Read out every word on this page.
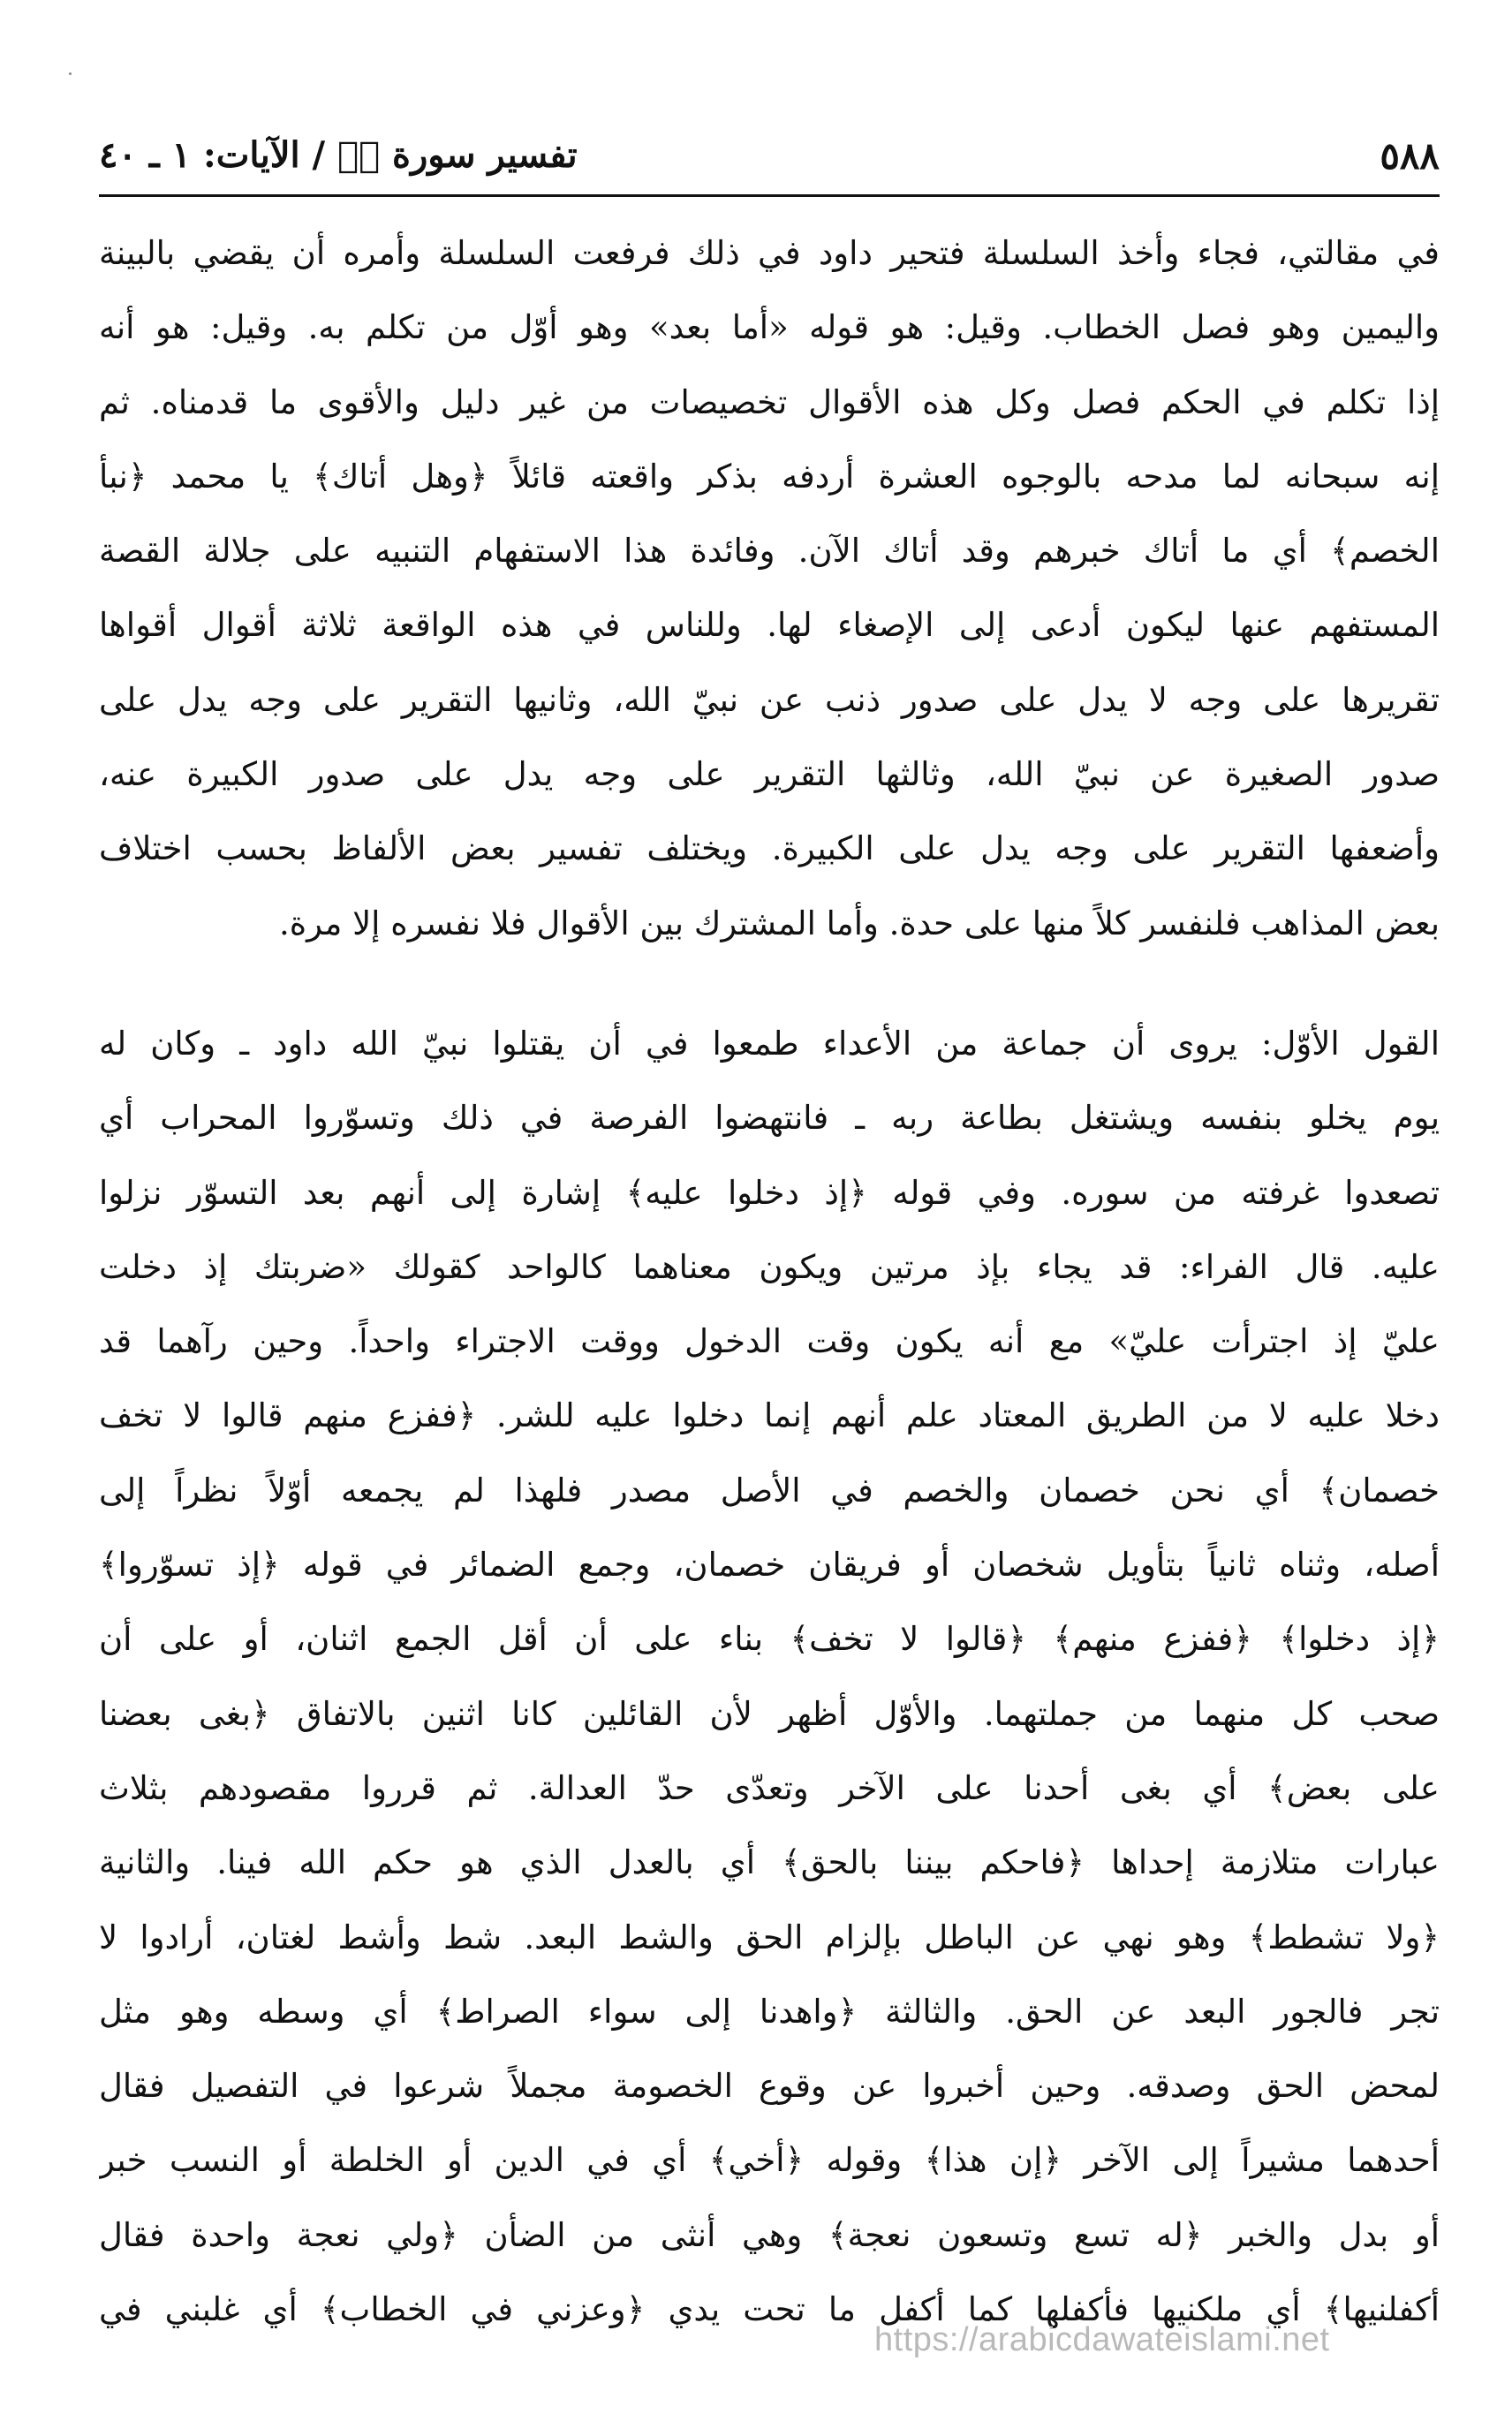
٥٨٨
تفسير سورة صۤ / الآيات: ١ ـ ٤٠
في مقالتي، فجاء وأخذ السلسلة فتحير داود في ذلك فرفعت السلسلة وأمره أن يقضي بالبينة
واليمين وهو فصل الخطاب. وقيل: هو قوله «أما بعد» وهو أوّل من تكلم به. وقيل: هو أنه
إذا تكلم في الحكم فصل وكل هذه الأقوال تخصيصات من غير دليل والأقوى ما قدمناه. ثم
إنه سبحانه لما مدحه بالوجوه العشرة أردفه بذكر واقعته قائلاً ﴿وهل أتاك﴾ يا محمد ﴿نبأ
الخصم﴾ أي ما أتاك خبرهم وقد أتاك الآن. وفائدة هذا الاستفهام التنبيه على جلالة القصة
المستفهم عنها ليكون أدعى إلى الإصغاء لها. وللناس في هذه الواقعة ثلاثة أقوال أقواها
تقريرها على وجه لا يدل على صدور ذنب عن نبيّ الله، وثانيها التقرير على وجه يدل على
صدور الصغيرة عن نبيّ الله، وثالثها التقرير على وجه يدل على صدور الكبيرة عنه،
وأضعفها التقرير على وجه يدل على الكبيرة. ويختلف تفسير بعض الألفاظ بحسب اختلاف
بعض المذاهب فلنفسر كلاً منها على حدة. وأما المشترك بين الأقوال فلا نفسره إلا مرة.
القول الأوّل: يروى أن جماعة من الأعداء طمعوا في أن يقتلوا نبيّ الله داود ـ وكان له
يوم يخلو بنفسه ويشتغل بطاعة ربه ـ فانتهضوا الفرصة في ذلك وتسوّروا المحراب أي
تصعدوا غرفته من سوره. وفي قوله ﴿إذ دخلوا عليه﴾ إشارة إلى أنهم بعد التسوّر نزلوا
عليه. قال الفراء: قد يجاء بإذ مرتين ويكون معناهما كالواحد كقولك «ضربتك إذ دخلت
عليّ إذ اجترأت عليّ» مع أنه يكون وقت الدخول ووقت الاجتراء واحداً. وحين رآهما قد
دخلا عليه لا من الطريق المعتاد علم أنهم إنما دخلوا عليه للشر. ﴿ففزع منهم قالوا لا تخف
خصمان﴾ أي نحن خصمان والخصم في الأصل مصدر فلهذا لم يجمعه أوّلاً نظراً إلى
أصله، وثناه ثانياً بتأويل شخصان أو فريقان خصمان، وجمع الضمائر في قوله ﴿إذ تسوّروا﴾
﴿إذ دخلوا﴾ ﴿ففزع منهم﴾ ﴿قالوا لا تخف﴾ بناء على أن أقل الجمع اثنان، أو على أن
صحب كل منهما من جملتهما. والأوّل أظهر لأن القائلين كانا اثنين بالاتفاق ﴿بغى بعضنا
على بعض﴾ أي بغى أحدنا على الآخر وتعدّى حدّ العدالة. ثم قرروا مقصودهم بثلاث
عبارات متلازمة إحداها ﴿فاحكم بيننا بالحق﴾ أي بالعدل الذي هو حكم الله فينا. والثانية
﴿ولا تشطط﴾ وهو نهي عن الباطل بإلزام الحق والشط البعد. شط وأشط لغتان، أرادوا لا
تجر فالجور البعد عن الحق. والثالثة ﴿واهدنا إلى سواء الصراط﴾ أي وسطه وهو مثل
لمحض الحق وصدقه. وحين أخبروا عن وقوع الخصومة مجملاً شرعوا في التفصيل فقال
أحدهما مشيراً إلى الآخر ﴿إن هذا﴾ وقوله ﴿أخي﴾ أي في الدين أو الخلطة أو النسب خبر
أو بدل والخبر ﴿له تسع وتسعون نعجة﴾ وهي أنثى من الضأن ﴿ولي نعجة واحدة فقال
أكفلنيها﴾ أي ملكنيها فأكفلها كما أكفل ما تحت يدي ﴿وعزني في الخطاب﴾ أي غلبني في
https://arabicdawateislami.net
